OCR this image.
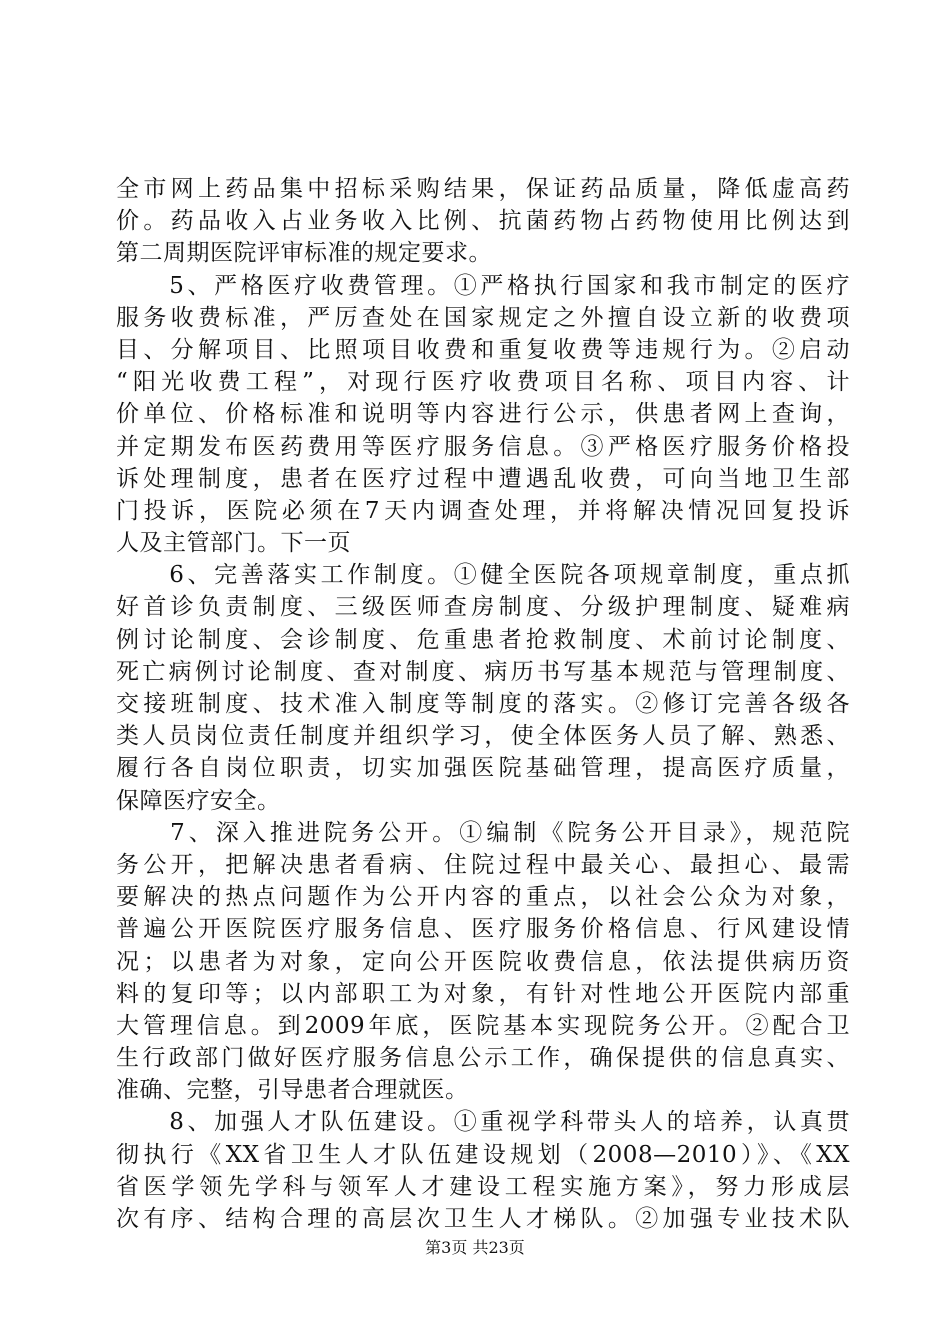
全市网上药品集中招标采购结果，保证药品质量，降低虚高药
价。药品收入占业务收入比例、抗菌药物占药物使用比例达到
第二周期医院评审标准的规定要求。
　　5、严格医疗收费管理。①严格执行国家和我市制定的医疗
服务收费标准，严厉查处在国家规定之外擅自设立新的收费项
目、分解项目、比照项目收费和重复收费等违规行为。②启动
“阳光收费工程”，对现行医疗收费项目名称、项目内容、计
价单位、价格标准和说明等内容进行公示，供患者网上查询，
并定期发布医药费用等医疗服务信息。③严格医疗服务价格投
诉处理制度，患者在医疗过程中遭遇乱收费，可向当地卫生部
门投诉，医院必须在7天内调查处理，并将解决情况回复投诉
人及主管部门。下一页
　　6、完善落实工作制度。①健全医院各项规章制度，重点抓
好首诊负责制度、三级医师查房制度、分级护理制度、疑难病
例讨论制度、会诊制度、危重患者抢救制度、术前讨论制度、
死亡病例讨论制度、查对制度、病历书写基本规范与管理制度、
交接班制度、技术准入制度等制度的落实。②修订完善各级各
类人员岗位责任制度并组织学习，使全体医务人员了解、熟悉、
履行各自岗位职责，切实加强医院基础管理，提高医疗质量，
保障医疗安全。
　　7、深入推进院务公开。①编制《院务公开目录》，规范院
务公开，把解决患者看病、住院过程中最关心、最担心、最需
要解决的热点问题作为公开内容的重点，以社会公众为对象，
普遍公开医院医疗服务信息、医疗服务价格信息、行风建设情
况；以患者为对象，定向公开医院收费信息，依法提供病历资
料的复印等；以内部职工为对象，有针对性地公开医院内部重
大管理信息。到2009年底，医院基本实现院务公开。②配合卫
生行政部门做好医疗服务信息公示工作，确保提供的信息真实、
准确、完整，引导患者合理就医。
　　8、加强人才队伍建设。①重视学科带头人的培养，认真贯
彻执行《XX省卫生人才队伍建设规划（2008—2010）》、《XX
省医学领先学科与领军人才建设工程实施方案》，努力形成层
次有序、结构合理的高层次卫生人才梯队。②加强专业技术队
第3页 共23页
